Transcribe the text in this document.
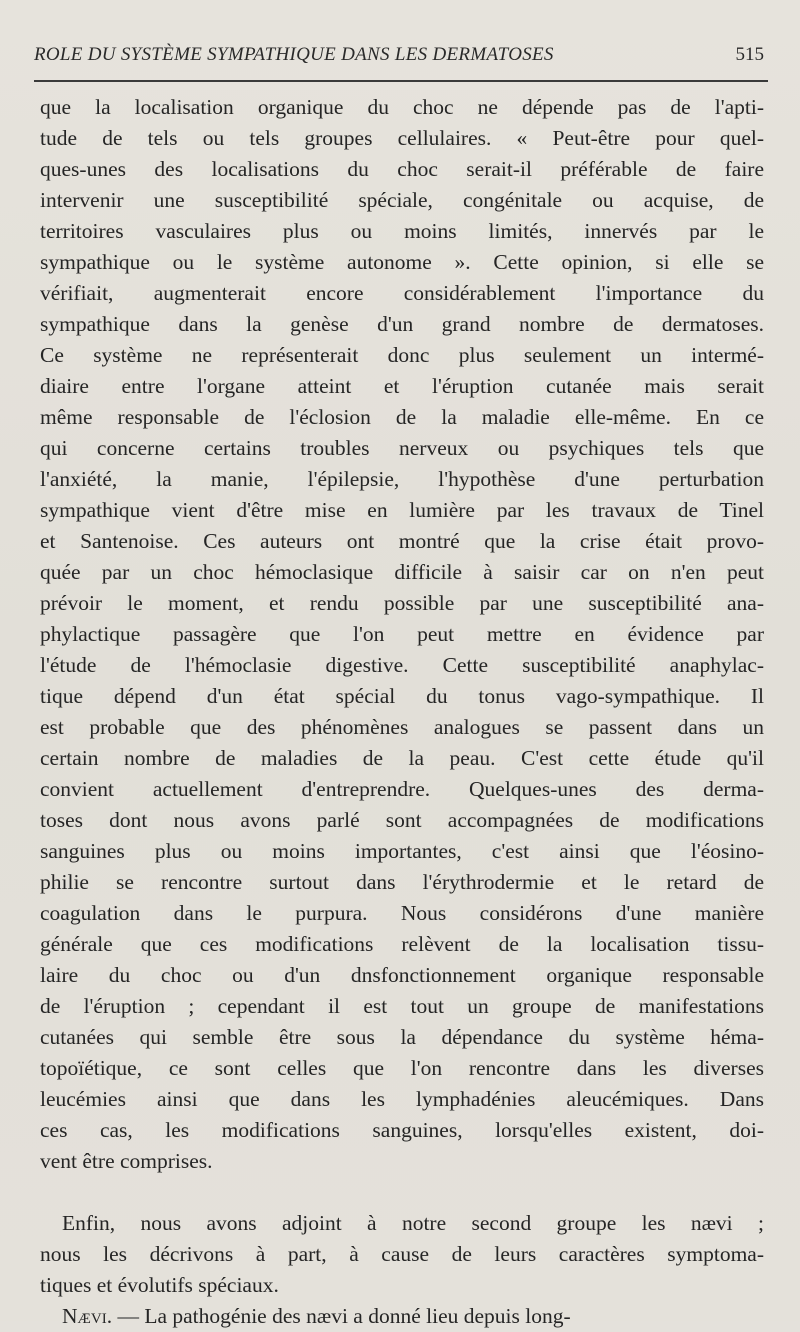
ROLE DU SYSTÈME SYMPATHIQUE DANS LES DERMATOSES	515
que la localisation organique du choc ne dépende pas de l'apti-
tude de tels ou tels groupes cellulaires. « Peut-être pour quel-
ques-unes des localisations du choc serait-il préférable de faire
intervenir une susceptibilité spéciale, congénitale ou acquise, de
territoires vasculaires plus ou moins limités, innervés par le
sympathique ou le système autonome ». Cette opinion, si elle se
vérifiait, augmenterait encore considérablement l'importance du
sympathique dans la genèse d'un grand nombre de dermatoses.
Ce système ne représenterait donc plus seulement un intermé-
diaire entre l'organe atteint et l'éruption cutanée mais serait
même responsable de l'éclosion de la maladie elle-même. En ce
qui concerne certains troubles nerveux ou psychiques tels que
l'anxiété, la manie, l'épilepsie, l'hypothèse d'une perturbation
sympathique vient d'être mise en lumière par les travaux de Tinel
et Santenoise. Ces auteurs ont montré que la crise était provo-
quée par un choc hémoclasique difficile à saisir car on n'en peut
prévoir le moment, et rendu possible par une susceptibilité ana-
phylactique passagère que l'on peut mettre en évidence par
l'étude de l'hémoclasie digestive. Cette susceptibilité anaphylac-
tique dépend d'un état spécial du tonus vago-sympathique. Il
est probable que des phénomènes analogues se passent dans un
certain nombre de maladies de la peau. C'est cette étude qu'il
convient actuellement d'entreprendre. Quelques-unes des derma-
toses dont nous avons parlé sont accompagnées de modifications
sanguines plus ou moins importantes, c'est ainsi que l'éosino-
philie se rencontre surtout dans l'érythrodermie et le retard de
coagulation dans le purpura. Nous considérons d'une manière
générale que ces modifications relèvent de la localisation tissu-
laire du choc ou d'un dnsfonctionnement organique responsable
de l'éruption ; cependant il est tout un groupe de manifestations
cutanées qui semble être sous la dépendance du système héma-
topoïétique, ce sont celles que l'on rencontre dans les diverses
leucémies ainsi que dans les lymphadénies aleucémiques. Dans
ces cas, les modifications sanguines, lorsqu'elles existent, doi-
vent être comprises.
Enfin, nous avons adjoint à notre second groupe les nævi ;
nous les décrivons à part, à cause de leurs caractères symptoma-
tiques et évolutifs spéciaux.
Nævi. — La pathogénie des nævi a donné lieu depuis long-
